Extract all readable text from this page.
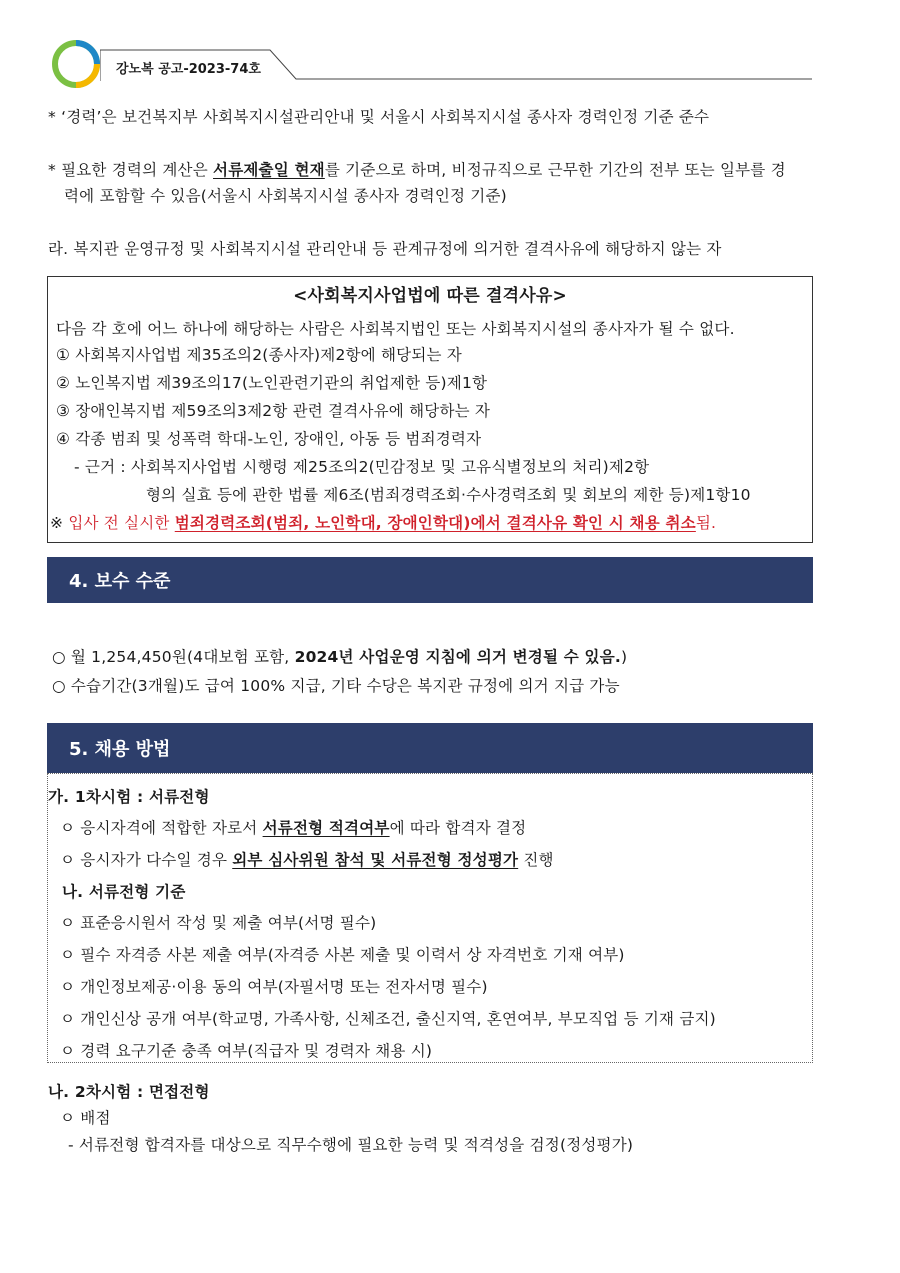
강노복 공고-2023-74호
* ‘경력’은 보건복지부 사회복지시설관리안내 및 서울시 사회복지시설 종사자 경력인정 기준 준수
* 필요한 경력의 계산은 서류제출일 현재를 기준으로 하며, 비정규직으로 근무한 기간의 전부 또는 일부를 경
력에 포함할 수 있음(서울시 사회복지시설 종사자 경력인정 기준)
라. 복지관 운영규정 및 사회복지시설 관리안내 등 관계규정에 의거한 결격사유에 해당하지 않는 자
<사회복지사업법에 따른 결격사유>
다음 각 호에 어느 하나에 해당하는 사람은 사회복지법인 또는 사회복지시설의 종사자가 될 수 없다.
① 사회복지사업법 제35조의2(종사자)제2항에 해당되는 자
② 노인복지법 제39조의17(노인관련기관의 취업제한 등)제1항
③ 장애인복지법 제59조의3제2항 관련 결격사유에 해당하는 자
④ 각종 범죄 및 성폭력 학대-노인, 장애인, 아동 등 범죄경력자
- 근거 : 사회복지사업법 시행령 제25조의2(민감정보 및 고유식별정보의 처리)제2항
형의 실효 등에 관한 법률 제6조(범죄경력조회·수사경력조회 및 회보의 제한 등)제1항10
※ 입사 전 실시한 범죄경력조회(범죄, 노인학대, 장애인학대)에서 결격사유 확인 시 채용 취소됨.
4. 보수 수준
○ 월 1,254,450원(4대보험 포함, 2024년 사업운영 지침에 의거 변경될 수 있음.)
○ 수습기간(3개월)도 급여 100% 지급, 기타 수당은 복지관 규정에 의거 지급 가능
5. 채용 방법
가. 1차시험 : 서류전형
ㅇ 응시자격에 적합한 자로서 서류전형 적격여부에 따라 합격자 결정
ㅇ 응시자가 다수일 경우 외부 심사위원 참석 및 서류전형 정성평가 진행
나. 서류전형 기준
ㅇ 표준응시원서 작성 및 제출 여부(서명 필수)
ㅇ 필수 자격증 사본 제출 여부(자격증 사본 제출 및 이력서 상 자격번호 기재 여부)
ㅇ 개인정보제공·이용 동의 여부(자필서명 또는 전자서명 필수)
ㅇ 개인신상 공개 여부(학교명, 가족사항, 신체조건, 출신지역, 혼연여부, 부모직업 등 기재 금지)
ㅇ 경력 요구기준 충족 여부(직급자 및 경력자 채용 시)
나. 2차시험 : 면접전형
ㅇ 배점
- 서류전형 합격자를 대상으로 직무수행에 필요한 능력 및 적격성을 검정(정성평가)
